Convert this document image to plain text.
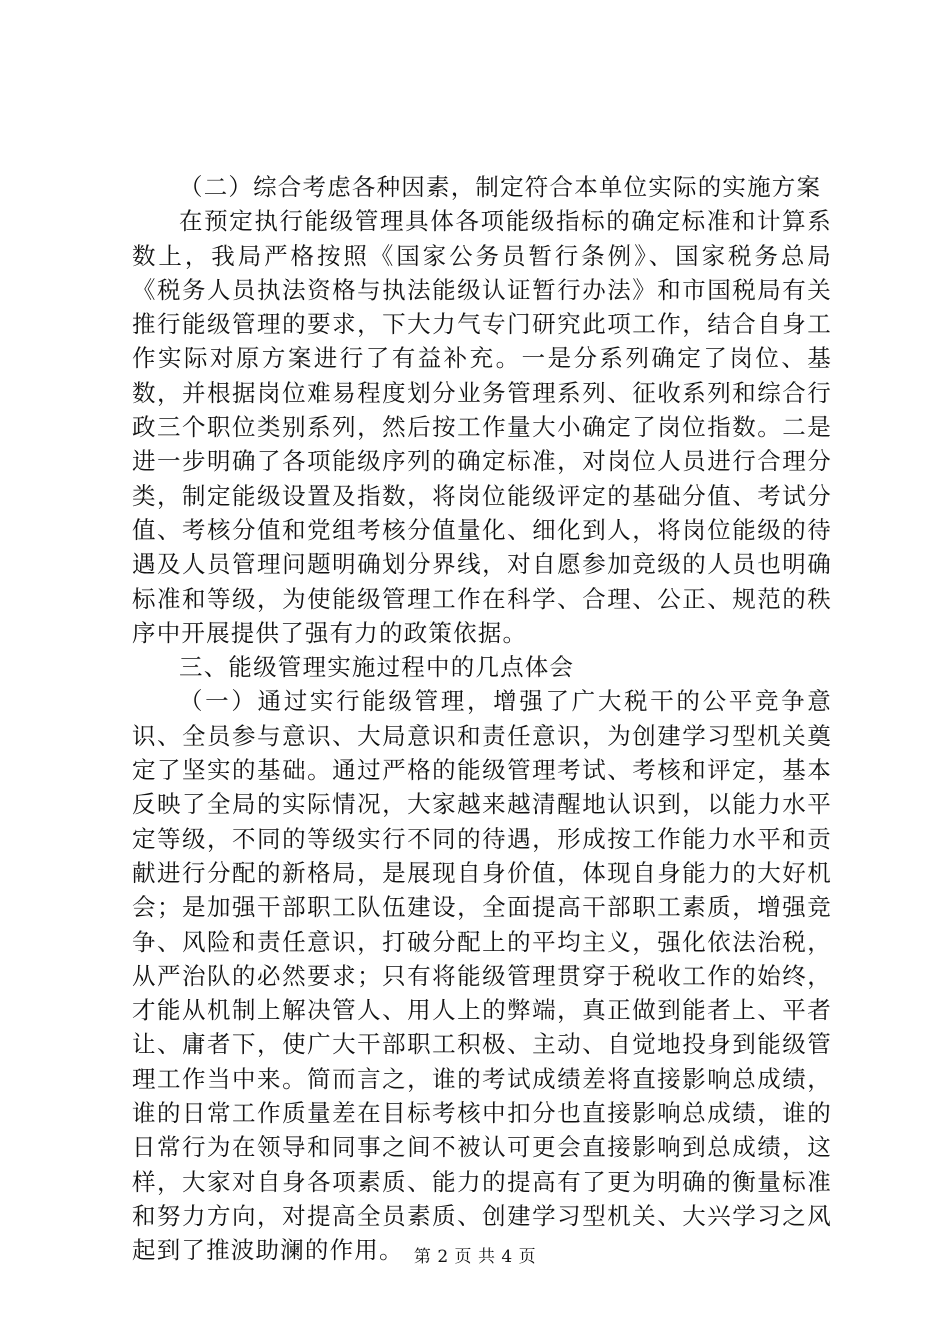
（二）综合考虑各种因素，制定符合本单位实际的实施方案

在预定执行能级管理具体各项能级指标的确定标准和计算系数上，我局严格按照《国家公务员暂行条例》、国家税务总局《税务人员执法资格与执法能级认证暂行办法》和市国税局有关推行能级管理的要求，下大力气专门研究此项工作，结合自身工作实际对原方案进行了有益补充。一是分系列确定了岗位、基数，并根据岗位难易程度划分业务管理系列、征收系列和综合行政三个职位类别系列，然后按工作量大小确定了岗位指数。二是进一步明确了各项能级序列的确定标准，对岗位人员进行合理分类，制定能级设置及指数，将岗位能级评定的基础分值、考试分值、考核分值和党组考核分值量化、细化到人，将岗位能级的待遇及人员管理问题明确划分界线，对自愿参加竞级的人员也明确标准和等级，为使能级管理工作在科学、合理、公正、规范的秩序中开展提供了强有力的政策依据。

三、能级管理实施过程中的几点体会

（一）通过实行能级管理，增强了广大税干的公平竞争意识、全员参与意识、大局意识和责任意识，为创建学习型机关奠定了坚实的基础。通过严格的能级管理考试、考核和评定，基本反映了全局的实际情况，大家越来越清醒地认识到，以能力水平定等级，不同的等级实行不同的待遇，形成按工作能力水平和贡献进行分配的新格局，是展现自身价值，体现自身能力的大好机会；是加强干部职工队伍建设，全面提高干部职工素质，增强竞争、风险和责任意识，打破分配上的平均主义，强化依法治税，从严治队的必然要求；只有将能级管理贯穿于税收工作的始终，才能从机制上解决管人、用人上的弊端，真正做到能者上、平者让、庸者下，使广大干部职工积极、主动、自觉地投身到能级管理工作当中来。简而言之，谁的考试成绩差将直接影响总成绩，谁的日常工作质量差在目标考核中扣分也直接影响总成绩，谁的日常行为在领导和同事之间不被认可更会直接影响到总成绩，这样，大家对自身各项素质、能力的提高有了更为明确的衡量标准和努力方向，对提高全员素质、创建学习型机关、大兴学习之风起到了推波助澜的作用。 第 2 页 共 4 页
